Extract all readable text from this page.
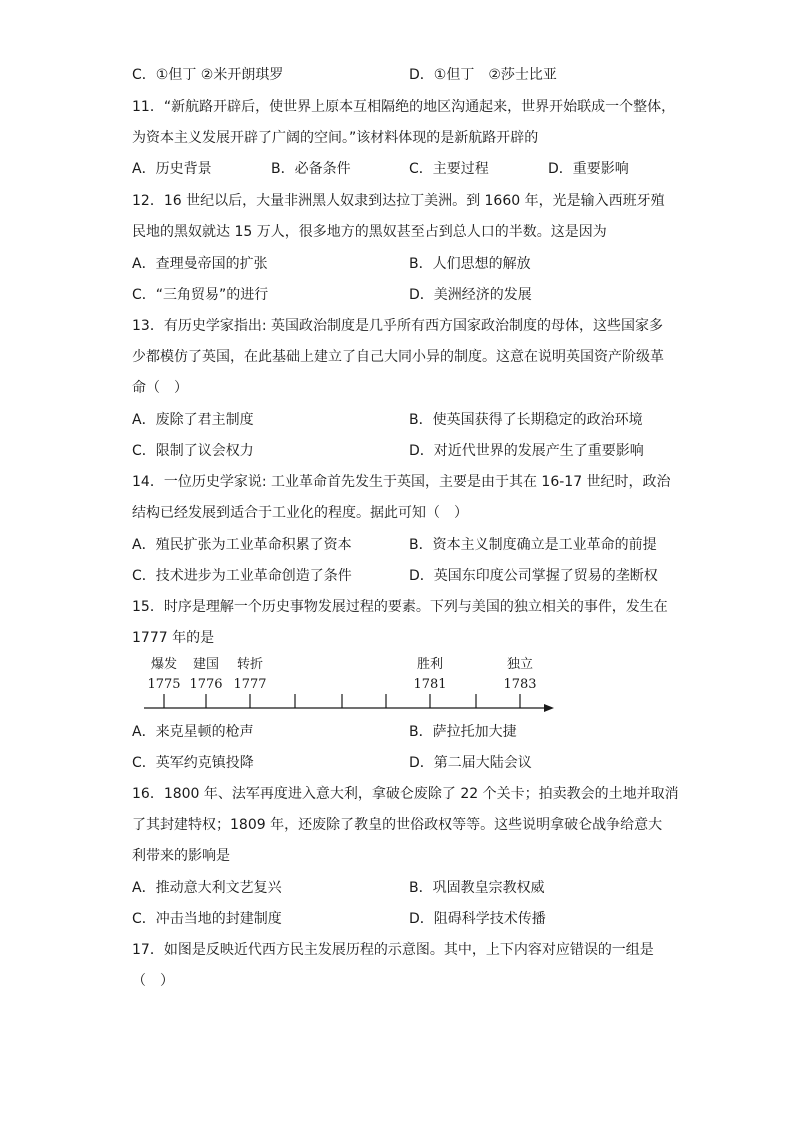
C．①但丁 ②米开朗琪罗	D．①但丁　②莎士比亚
11．“新航路开辟后，使世界上原本互相隔绝的地区沟通起来，世界开始联成一个整体，
为资本主义发展开辟了广阔的空间。”该材料体现的是新航路开辟的
A．历史背景	B．必备条件	C．主要过程	D．重要影响
12．16 世纪以后，大量非洲黑人奴隶到达拉丁美洲。到 1660 年，光是输入西班牙殖
民地的黑奴就达 15 万人，很多地方的黑奴甚至占到总人口的半数。这是因为
A．查理曼帝国的扩张	B．人们思想的解放
C．“三角贸易”的进行	D．美洲经济的发展
13．有历史学家指出: 英国政治制度是几乎所有西方国家政治制度的母体，这些国家多
少都模仿了英国，在此基础上建立了自己大同小异的制度。这意在说明英国资产阶级革
命（　）
A．废除了君主制度	B．使英国获得了长期稳定的政治环境
C．限制了议会权力	D．对近代世界的发展产生了重要影响
14．一位历史学家说: 工业革命首先发生于英国，主要是由于其在 16-17 世纪时，政治
结构已经发展到适合于工业化的程度。据此可知（　）
A．殖民扩张为工业革命积累了资本	B．资本主义制度确立是工业革命的前提
C．技术进步为工业革命创造了条件	D．英国东印度公司掌握了贸易的垄断权
15．时序是理解一个历史事物发展过程的要素。下列与美国的独立相关的事件，发生在
1777 年的是
爆发
1775
建国
1776
转折
1777
胜利
1781
独立
1783
A．来克星顿的枪声	B．萨拉托加大捷
C．英军约克镇投降	D．第二届大陆会议
16．1800 年、法军再度进入意大利，拿破仑废除了 22 个关卡；拍卖教会的土地并取消
了其封建特权；1809 年，还废除了教皇的世俗政权等等。这些说明拿破仑战争给意大
利带来的影响是
A．推动意大利文艺复兴	B．巩固教皇宗教权威
C．冲击当地的封建制度	D．阻碍科学技术传播
17．如图是反映近代西方民主发展历程的示意图。其中，上下内容对应错误的一组是
（　）
